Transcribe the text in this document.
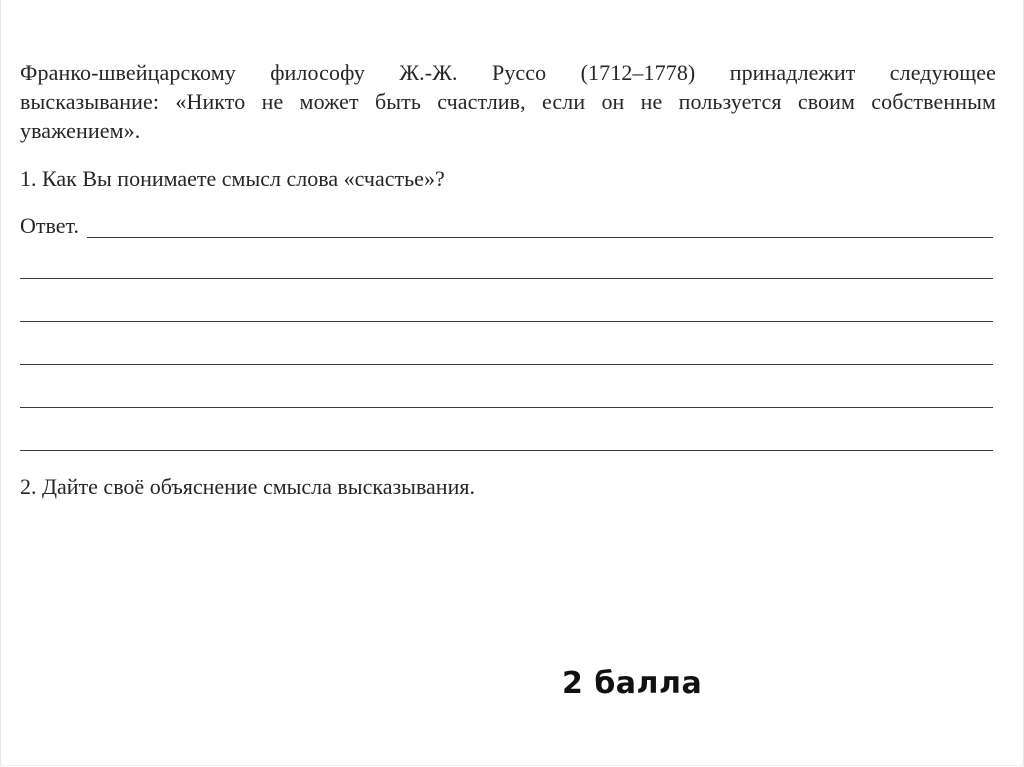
Франко-швейцарскому философу Ж.-Ж. Руссо (1712–1778) принадлежит следующее
высказывание: «Никто не может быть счастлив, если он не пользуется своим собственным
уважением».

1. Как Вы понимаете смысл слова «счастье»?

Ответ.

2. Дайте своё объяснение смысла высказывания.

2 балла
